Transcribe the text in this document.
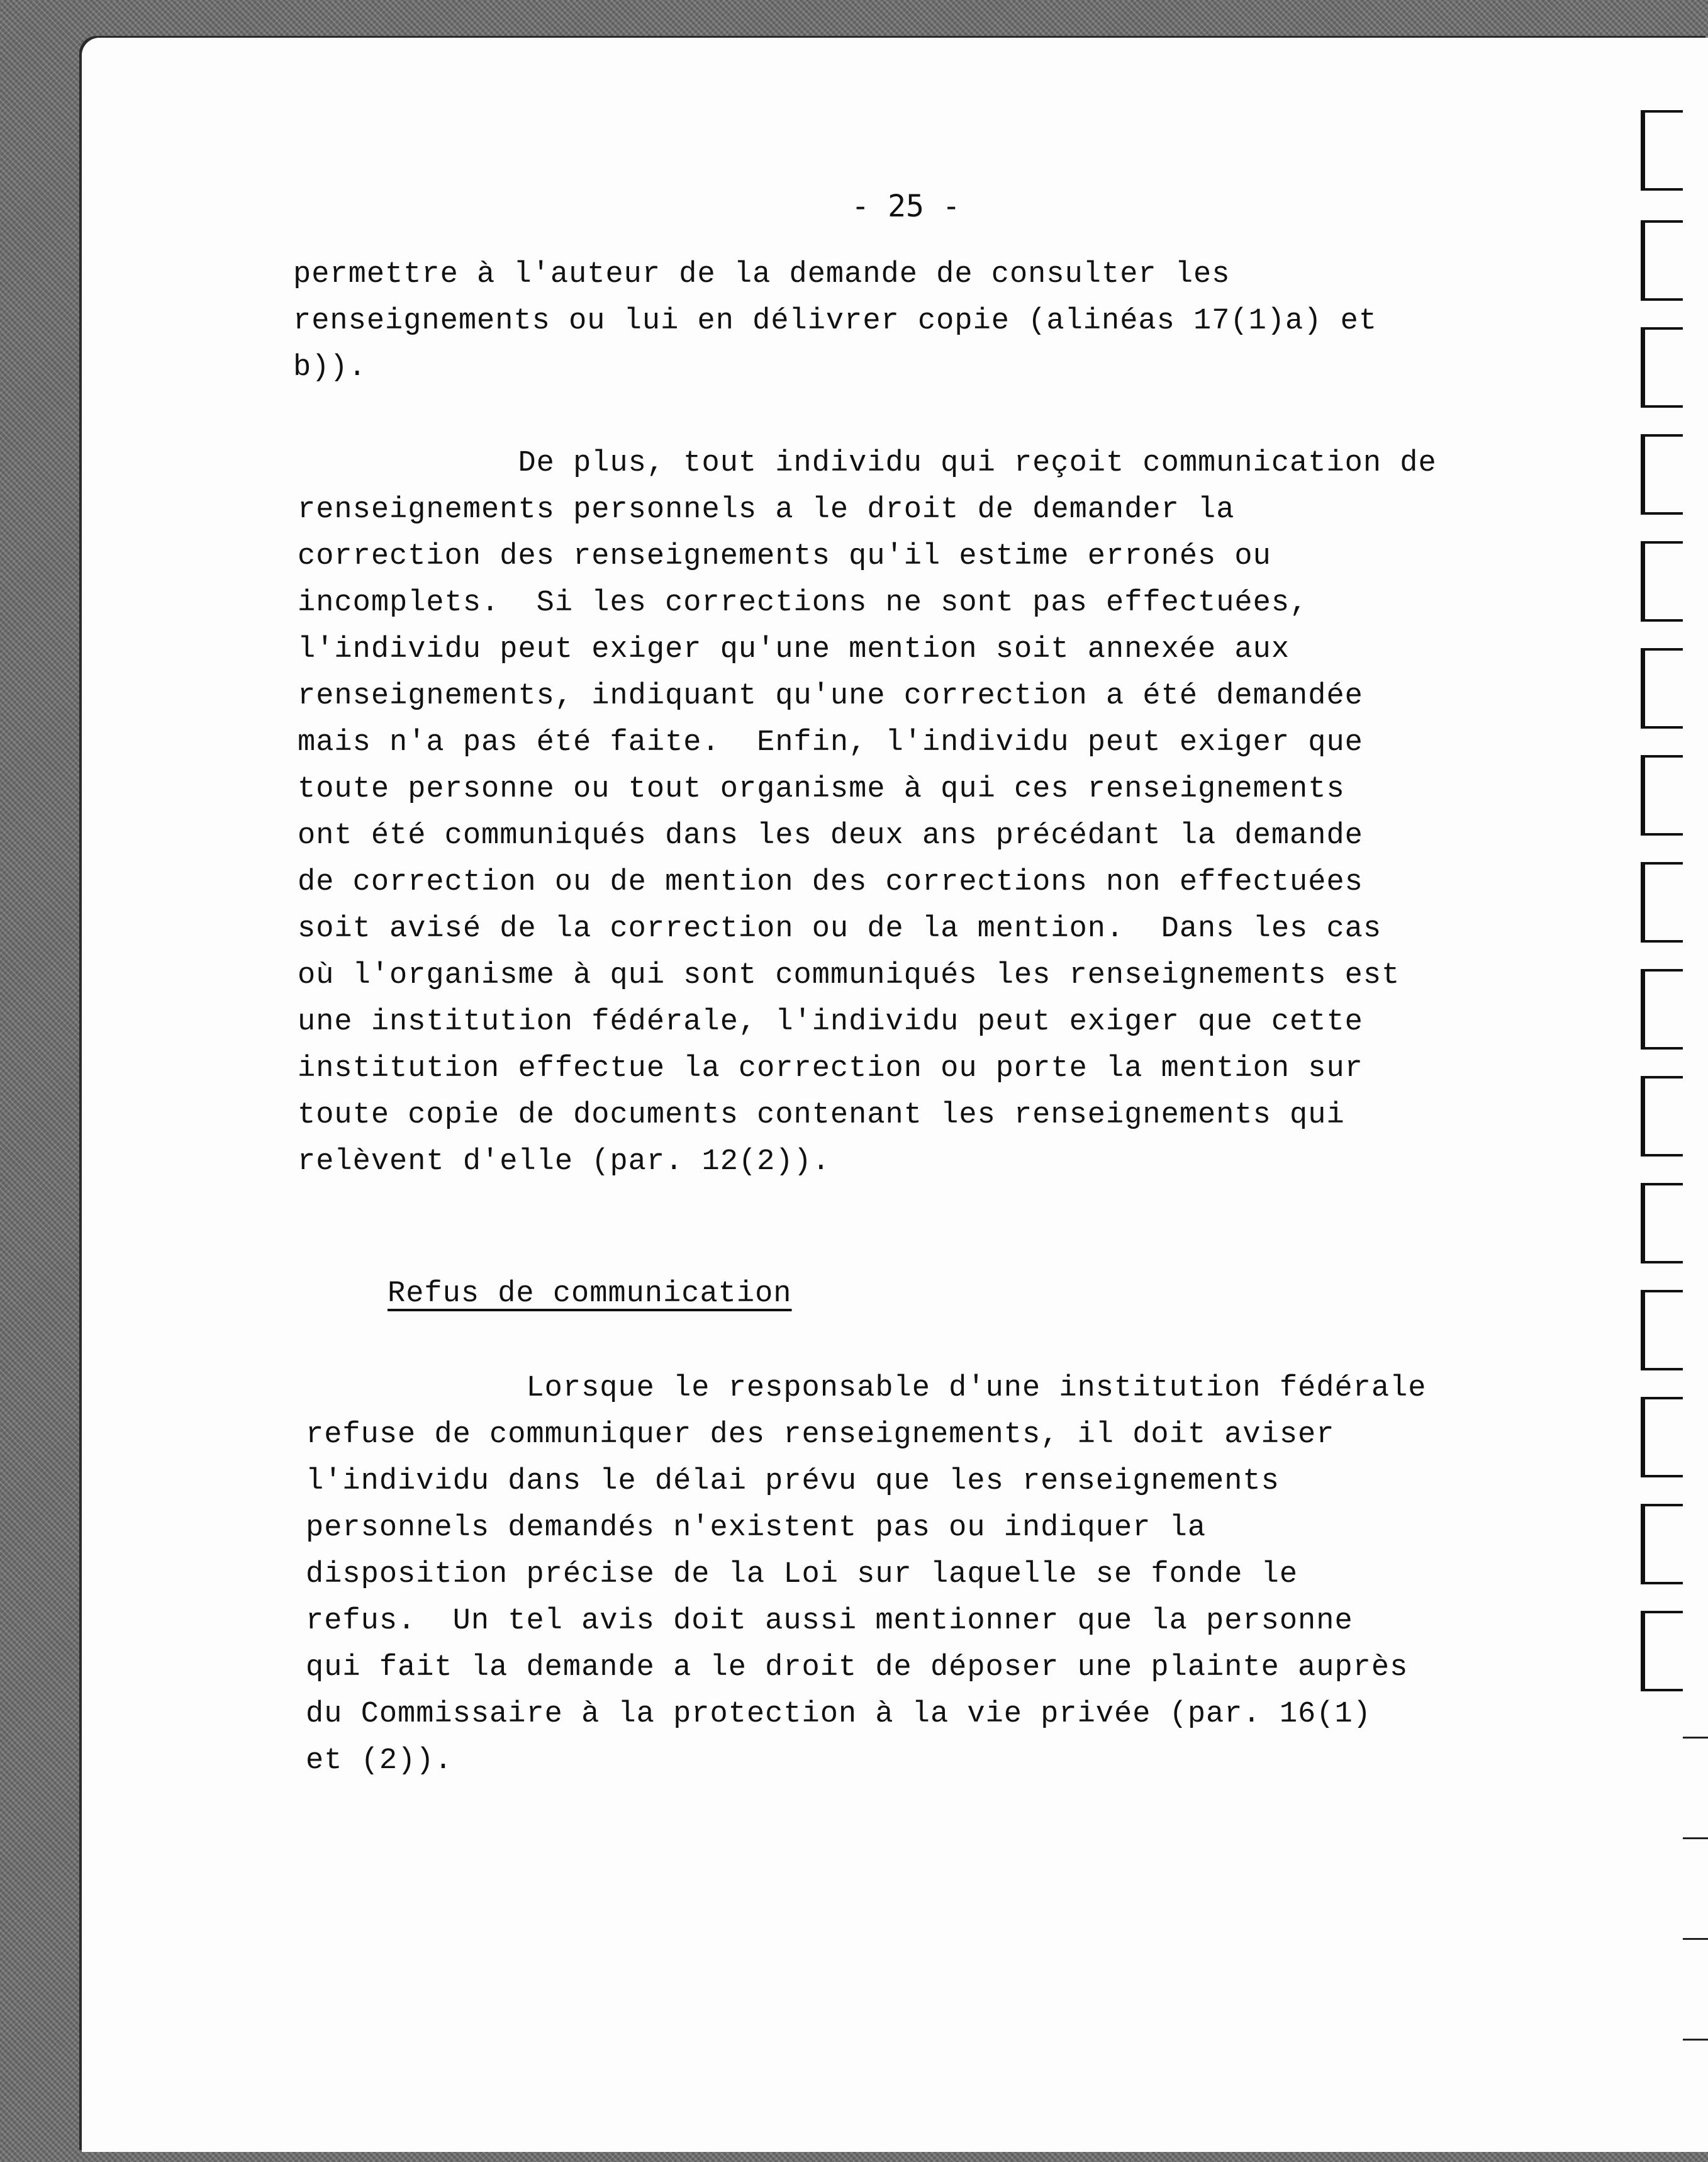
- 25 -

permettre à l'auteur de la demande de consulter les
renseignements ou lui en délivrer copie (alinéas 17(1)a) et
b)).

De plus, tout individu qui reçoit communication de
renseignements personnels a le droit de demander la
correction des renseignements qu'il estime erronés ou
incomplets.  Si les corrections ne sont pas effectuées,
l'individu peut exiger qu'une mention soit annexée aux
renseignements, indiquant qu'une correction a été demandée
mais n'a pas été faite.  Enfin, l'individu peut exiger que
toute personne ou tout organisme à qui ces renseignements
ont été communiqués dans les deux ans précédant la demande
de correction ou de mention des corrections non effectuées
soit avisé de la correction ou de la mention.  Dans les cas
où l'organisme à qui sont communiqués les renseignements est
une institution fédérale, l'individu peut exiger que cette
institution effectue la correction ou porte la mention sur
toute copie de documents contenant les renseignements qui
relèvent d'elle (par. 12(2)).

Refus de communication

Lorsque le responsable d'une institution fédérale
refuse de communiquer des renseignements, il doit aviser
l'individu dans le délai prévu que les renseignements
personnels demandés n'existent pas ou indiquer la
disposition précise de la Loi sur laquelle se fonde le
refus.  Un tel avis doit aussi mentionner que la personne
qui fait la demande a le droit de déposer une plainte auprès
du Commissaire à la protection à la vie privée (par. 16(1)
et (2)).
